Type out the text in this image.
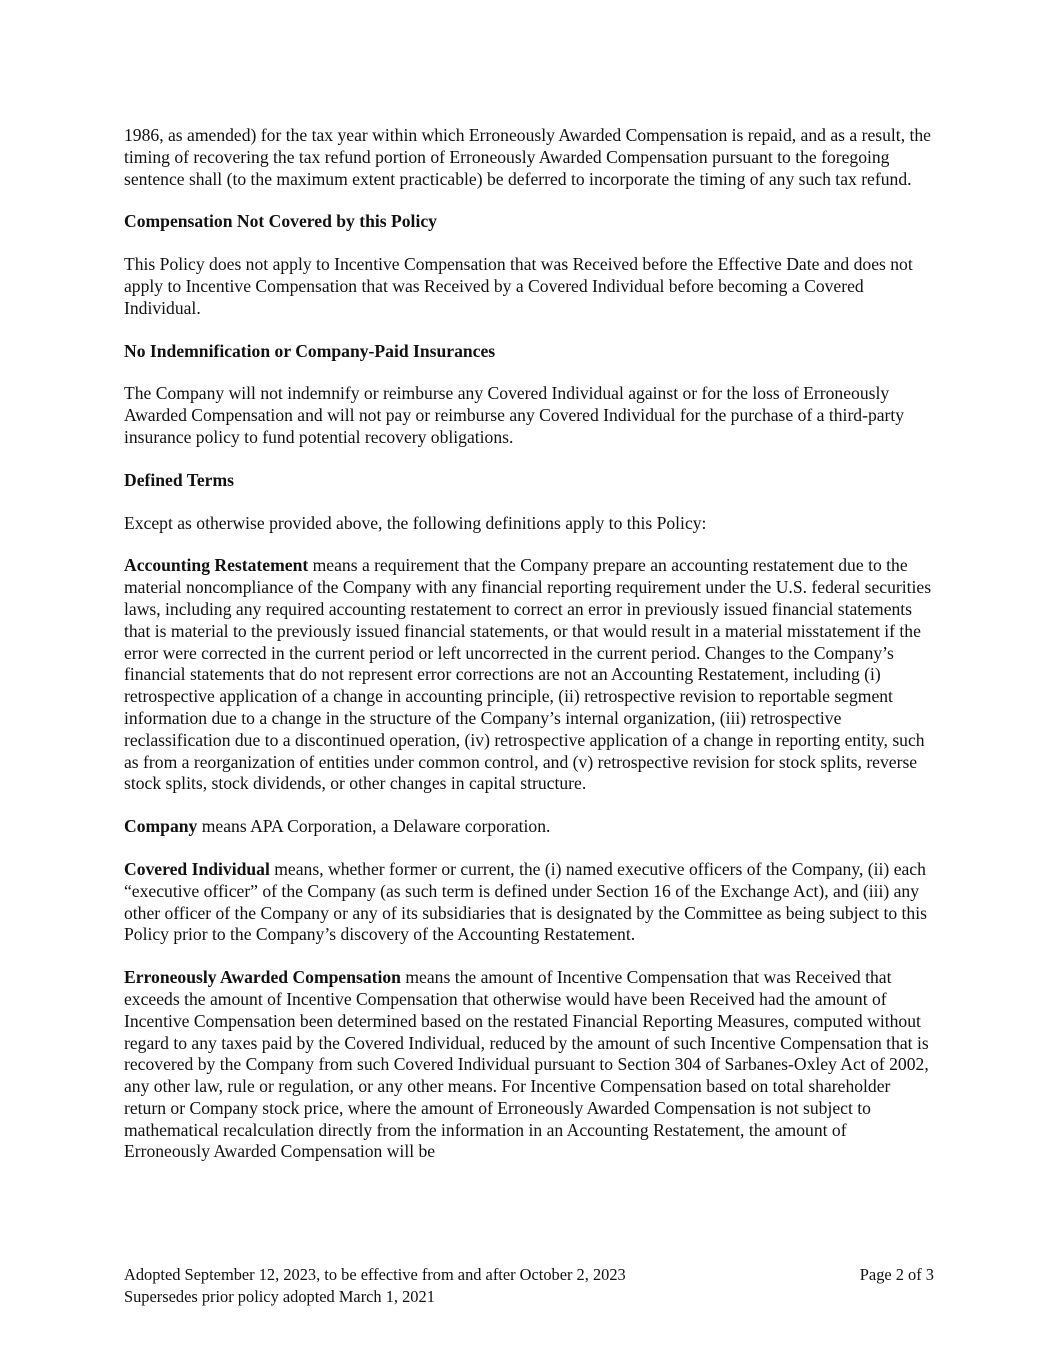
1986, as amended) for the tax year within which Erroneously Awarded Compensation is repaid, and as a result, the timing of recovering the tax refund portion of Erroneously Awarded Compensation pursuant to the foregoing sentence shall (to the maximum extent practicable) be deferred to incorporate the timing of any such tax refund.

Compensation Not Covered by this Policy

This Policy does not apply to Incentive Compensation that was Received before the Effective Date and does not apply to Incentive Compensation that was Received by a Covered Individual before becoming a Covered Individual.

No Indemnification or Company-Paid Insurances

The Company will not indemnify or reimburse any Covered Individual against or for the loss of Erroneously Awarded Compensation and will not pay or reimburse any Covered Individual for the purchase of a third-party insurance policy to fund potential recovery obligations.

Defined Terms

Except as otherwise provided above, the following definitions apply to this Policy:

Accounting Restatement means a requirement that the Company prepare an accounting restatement due to the material noncompliance of the Company with any financial reporting requirement under the U.S. federal securities laws, including any required accounting restatement to correct an error in previously issued financial statements that is material to the previously issued financial statements, or that would result in a material misstatement if the error were corrected in the current period or left uncorrected in the current period. Changes to the Company’s financial statements that do not represent error corrections are not an Accounting Restatement, including (i) retrospective application of a change in accounting principle, (ii) retrospective revision to reportable segment information due to a change in the structure of the Company’s internal organization, (iii) retrospective reclassification due to a discontinued operation, (iv) retrospective application of a change in reporting entity, such as from a reorganization of entities under common control, and (v) retrospective revision for stock splits, reverse stock splits, stock dividends, or other changes in capital structure.

Company means APA Corporation, a Delaware corporation.

Covered Individual means, whether former or current, the (i) named executive officers of the Company, (ii) each “executive officer” of the Company (as such term is defined under Section 16 of the Exchange Act), and (iii) any other officer of the Company or any of its subsidiaries that is designated by the Committee as being subject to this Policy prior to the Company’s discovery of the Accounting Restatement.

Erroneously Awarded Compensation means the amount of Incentive Compensation that was Received that exceeds the amount of Incentive Compensation that otherwise would have been Received had the amount of Incentive Compensation been determined based on the restated Financial Reporting Measures, computed without regard to any taxes paid by the Covered Individual, reduced by the amount of such Incentive Compensation that is recovered by the Company from such Covered Individual pursuant to Section 304 of Sarbanes-Oxley Act of 2002, any other law, rule or regulation, or any other means. For Incentive Compensation based on total shareholder return or Company stock price, where the amount of Erroneously Awarded Compensation is not subject to mathematical recalculation directly from the information in an Accounting Restatement, the amount of Erroneously Awarded Compensation will be

Adopted September 12, 2023, to be effective from and after October 2, 2023	Page 2 of 3
Supersedes prior policy adopted March 1, 2021
